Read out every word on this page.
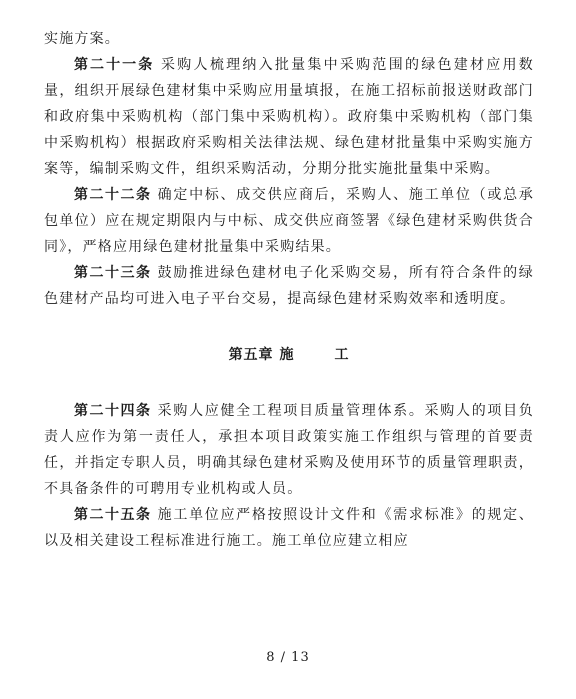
实施方案。

第二十一条 采购人梳理纳入批量集中采购范围的绿色建材应用数量，组织开展绿色建材集中采购应用量填报，在施工招标前报送财政部门和政府集中采购机构（部门集中采购机构）。政府集中采购机构（部门集中采购机构）根据政府采购相关法律法规、绿色建材批量集中采购实施方案等，编制采购文件，组织采购活动，分期分批实施批量集中采购。

第二十二条 确定中标、成交供应商后，采购人、施工单位（或总承包单位）应在规定期限内与中标、成交供应商签署《绿色建材采购供货合同》，严格应用绿色建材批量集中采购结果。

第二十三条 鼓励推进绿色建材电子化采购交易，所有符合条件的绿色建材产品均可进入电子平台交易，提高绿色建材采购效率和透明度。

第五章 施	工

第二十四条 采购人应健全工程项目质量管理体系。采购人的项目负责人应作为第一责任人，承担本项目政策实施工作组织与管理的首要责任，并指定专职人员，明确其绿色建材采购及使用环节的质量管理职责，不具备条件的可聘用专业机构或人员。

第二十五条 施工单位应严格按照设计文件和《需求标准》的规定、以及相关建设工程标准进行施工。施工单位应建立相应

8 / 13
